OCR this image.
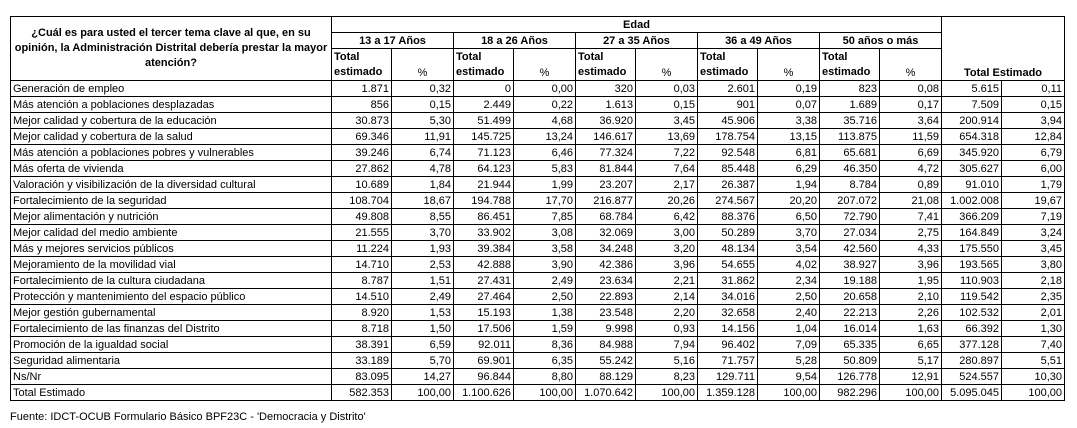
¿Cuál es para usted el tercer tema clave al que, en su opinión, la Administración Distrital debería prestar la mayor atención?	Edad										Total Estimado	
	13 a 17 Años		18 a 26 Años		27 a 35 Años		36 a 49 Años		50 años o más			
	Total estimado	%	Total estimado	%	Total estimado	%	Total estimado	%	Total estimado	%		
Generación de empleo	1.871	0,32	0	0,00	320	0,03	2.601	0,19	823	0,08	5.615	0,11
Más atención a poblaciones desplazadas	856	0,15	2.449	0,22	1.613	0,15	901	0,07	1.689	0,17	7.509	0,15
Mejor calidad y cobertura de la educación	30.873	5,30	51.499	4,68	36.920	3,45	45.906	3,38	35.716	3,64	200.914	3,94
Mejor calidad y cobertura de la salud	69.346	11,91	145.725	13,24	146.617	13,69	178.754	13,15	113.875	11,59	654.318	12,84
Más atención a poblaciones pobres y vulnerables	39.246	6,74	71.123	6,46	77.324	7,22	92.548	6,81	65.681	6,69	345.920	6,79
Más oferta de vivienda	27.862	4,78	64.123	5,83	81.844	7,64	85.448	6,29	46.350	4,72	305.627	6,00
Valoración y visibilización de la diversidad cultural	10.689	1,84	21.944	1,99	23.207	2,17	26.387	1,94	8.784	0,89	91.010	1,79
Fortalecimiento de la seguridad	108.704	18,67	194.788	17,70	216.877	20,26	274.567	20,20	207.072	21,08	1.002.008	19,67
Mejor alimentación y nutrición	49.808	8,55	86.451	7,85	68.784	6,42	88.376	6,50	72.790	7,41	366.209	7,19
Mejor calidad del medio ambiente	21.555	3,70	33.902	3,08	32.069	3,00	50.289	3,70	27.034	2,75	164.849	3,24
Más y mejores servicios públicos	11.224	1,93	39.384	3,58	34.248	3,20	48.134	3,54	42.560	4,33	175.550	3,45
Mejoramiento de la movilidad vial	14.710	2,53	42.888	3,90	42.386	3,96	54.655	4,02	38.927	3,96	193.565	3,80
Fortalecimiento de la cultura ciudadana	8.787	1,51	27.431	2,49	23.634	2,21	31.862	2,34	19.188	1,95	110.903	2,18
Protección y mantenimiento del espacio público	14.510	2,49	27.464	2,50	22.893	2,14	34.016	2,50	20.658	2,10	119.542	2,35
Mejor gestión gubernamental	8.920	1,53	15.193	1,38	23.548	2,20	32.658	2,40	22.213	2,26	102.532	2,01
Fortalecimiento de las finanzas del Distrito	8.718	1,50	17.506	1,59	9.998	0,93	14.156	1,04	16.014	1,63	66.392	1,30
Promoción de la igualdad social	38.391	6,59	92.011	8,36	84.988	7,94	96.402	7,09	65.335	6,65	377.128	7,40
Seguridad alimentaria	33.189	5,70	69.901	6,35	55.242	5,16	71.757	5,28	50.809	5,17	280.897	5,51
Ns/Nr	83.095	14,27	96.844	8,80	88.129	8,23	129.711	9,54	126.778	12,91	524.557	10,30
Total Estimado	582.353	100,00	1.100.626	100,00	1.070.642	100,00	1.359.128	100,00	982.296	100,00	5.095.045	100,00
Fuente: IDCT-OCUB Formulario Básico BPF23C - 'Democracia y Distrito'
